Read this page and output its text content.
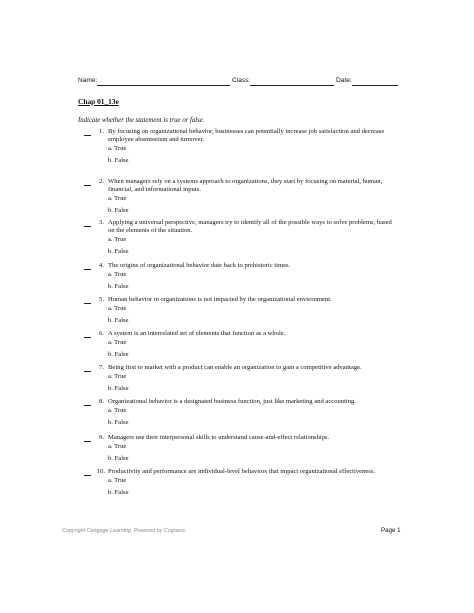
Name:	Class:	Date:
Chap 01_13e
Indicate whether the statement is true or false.
1. By focusing on organizational behavior, businesses can potentially increase job satisfaction and decrease employee absenteeism and turnover.
a. True
b. False
2. When managers rely on a systems approach to organizations, they start by focusing on material, human, financial, and informational inputs.
a. True
b. False
3. Applying a universal perspective, managers try to identify all of the possible ways to solve problems, based on the elements of the situation.
a. True
b. False
4. The origins of organizational behavior date back to prehistoric times.
a. True
b. False
5. Human behavior in organizations is not impacted by the organizational environment.
a. True
b. False
6. A system is an interrelated set of elements that function as a whole.
a. True
b. False
7. Being first to market with a product can enable an organization to gain a competitive advantage.
a. True
b. False
8. Organizational behavior is a designated business function, just like marketing and accounting.
a. True
b. False
9. Managers use their interpersonal skills to understand cause-and-effect relationships.
a. True
b. False
10. Productivity and performance are individual-level behaviors that impact organizational effectiveness.
a. True
b. False
Copyright Cengage Learning. Powered by Cognero.	Page 1
